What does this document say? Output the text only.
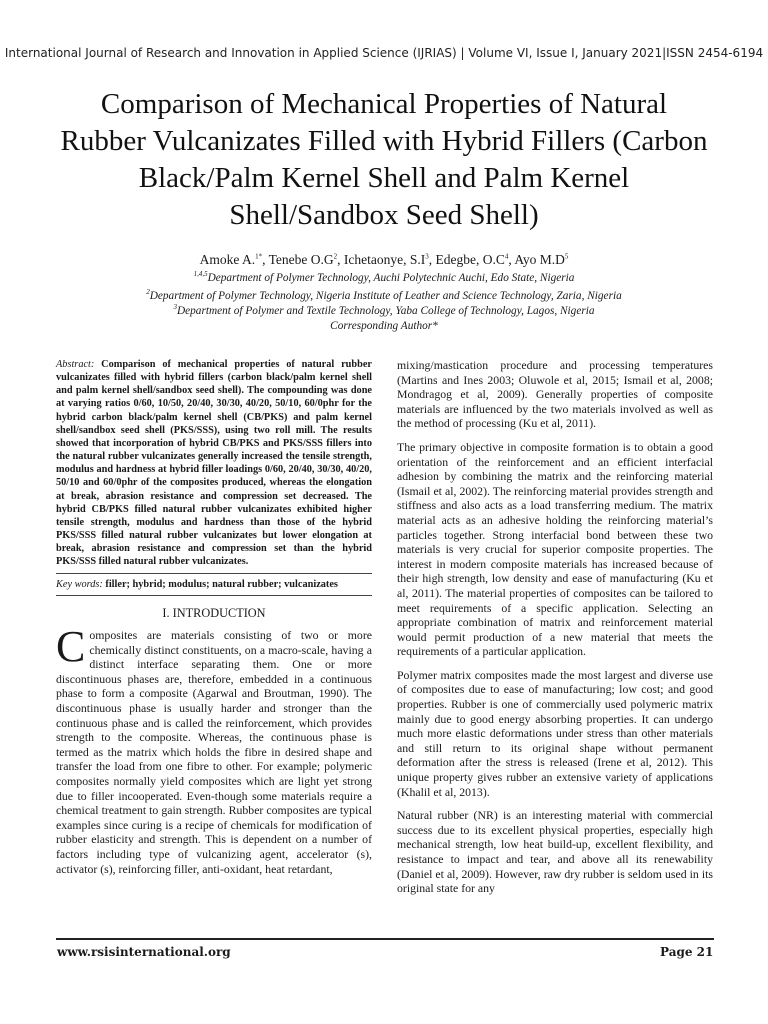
International Journal of Research and Innovation in Applied Science (IJRIAS) | Volume VI, Issue I, January 2021|ISSN 2454-6194
Comparison of Mechanical Properties of Natural Rubber Vulcanizates Filled with Hybrid Fillers (Carbon Black/Palm Kernel Shell and Palm Kernel Shell/Sandbox Seed Shell)
Amoke A.$^{1*}$, Tenebe $O.G^2$, Ichetaonye, $S.I^3$, Edegbe, $O.C^4$, Ayo $M.D^5$
$^{1,4,5}$Department of Polymer Technology, Auchi Polytechnic Auchi, Edo State, Nigeria
$^2$Department of Polymer Technology, Nigeria Institute of Leather and Science Technology, Zaria, Nigeria
$^3$Department of Polymer and Textile Technology, Yaba College of Technology, Lagos, Nigeria
Corresponding Author*

Abstract: Comparison of mechanical properties of natural rubber vulcanizates filled with hybrid fillers (carbon black/palm kernel shell and palm kernel shell/sandbox seed shell). The compounding was done at varying ratios 0/60, 10/50, 20/40, 30/30, 40/20, 50/10, 60/0phr for the hybrid carbon black/palm kernel shell (CB/PKS) and palm kernel shell/sandbox seed shell (PKS/SSS), using two roll mill. The results showed that incorporation of hybrid CB/PKS and PKS/SSS fillers into the natural rubber vulcanizates generally increased the tensile strength, modulus and hardness at hybrid filler loadings 0/60, 20/40, 30/30, 40/20, 50/10 and 60/0phr of the composites produced, whereas the elongation at break, abrasion resistance and compression set decreased. The hybrid CB/PKS filled natural rubber vulcanizates exhibited higher tensile strength, modulus and hardness than those of the hybrid PKS/SSS filled natural rubber vulcanizates but lower elongation at break, abrasion resistance and compression set than the hybrid PKS/SSS filled natural rubber vulcanizates.

Key words: filler; hybrid; modulus; natural rubber; vulcanizates

I. INTRODUCTION

Composites are materials consisting of two or more chemically distinct constituents, on a macro-scale, having a distinct interface separating them. One or more discontinuous phases are, therefore, embedded in a continuous phase to form a composite (Agarwal and Broutman, 1990). The discontinuous phase is usually harder and stronger than the continuous phase and is called the reinforcement, which provides strength to the composite. Whereas, the continuous phase is termed as the matrix which holds the fibre in desired shape and transfer the load from one fibre to other. For example; polymeric composites normally yield composites which are light yet strong due to filler incooperated. Even-though some materials require a chemical treatment to gain strength. Rubber composites are typical examples since curing is a recipe of chemicals for modification of rubber elasticity and strength. This is dependent on a number of factors including type of vulcanizing agent, accelerator (s), activator (s), reinforcing filler, anti-oxidant, heat retardant,

mixing/mastication procedure and processing temperatures (Martins and Ines 2003; Oluwole et al, 2015; Ismail et al, 2008; Mondragog et al, 2009). Generally properties of composite materials are influenced by the two materials involved as well as the method of processing (Ku et al, 2011).

The primary objective in composite formation is to obtain a good orientation of the reinforcement and an efficient interfacial adhesion by combining the matrix and the reinforcing material (Ismail et al, 2002). The reinforcing material provides strength and stiffness and also acts as a load transferring medium. The matrix material acts as an adhesive holding the reinforcing material’s particles together. Strong interfacial bond between these two materials is very crucial for superior composite properties. The interest in modern composite materials has increased because of their high strength, low density and ease of manufacturing (Ku et al, 2011). The material properties of composites can be tailored to meet requirements of a specific application. Selecting an appropriate combination of matrix and reinforcement material would permit production of a new material that meets the requirements of a particular application.

Polymer matrix composites made the most largest and diverse use of composites due to ease of manufacturing; low cost; and good properties. Rubber is one of commercially used polymeric matrix mainly due to good energy absorbing properties. It can undergo much more elastic deformations under stress than other materials and still return to its original shape without permanent deformation after the stress is released (Irene et al, 2012). This unique property gives rubber an extensive variety of applications (Khalil et al, 2013).

Natural rubber (NR) is an interesting material with commercial success due to its excellent physical properties, especially high mechanical strength, low heat build-up, excellent flexibility, and resistance to impact and tear, and above all its renewability (Daniel et al, 2009). However, raw dry rubber is seldom used in its original state for any

www.rsisinternational.org	Page 21
